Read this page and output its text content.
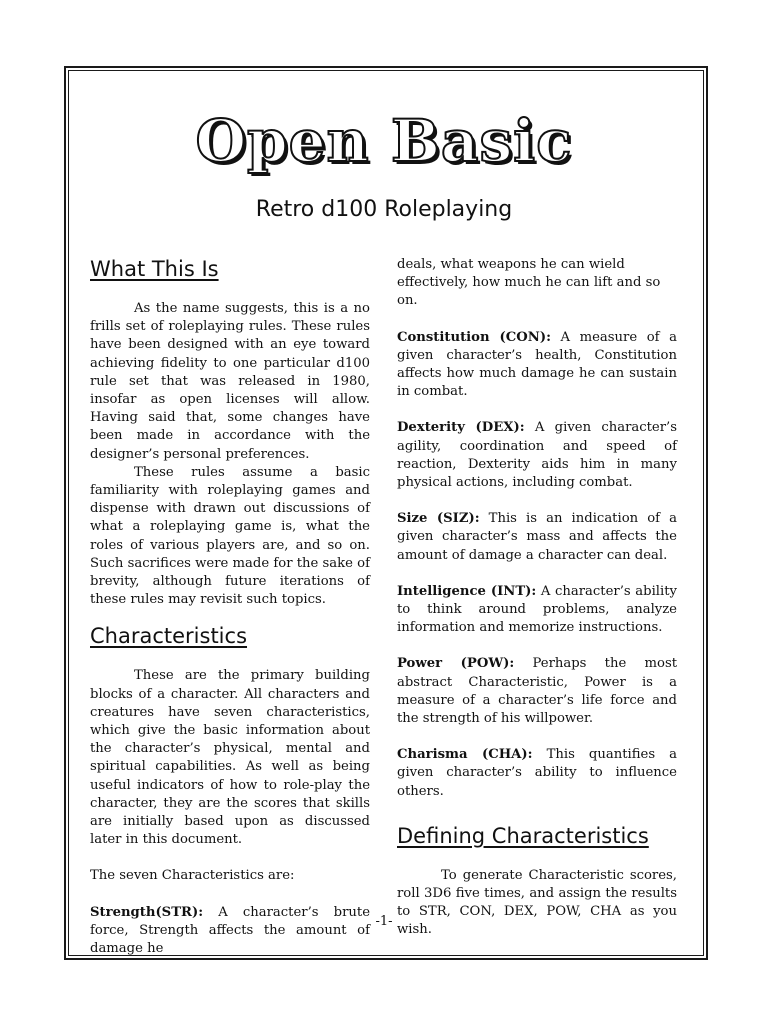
Open Basic
Retro d100 Roleplaying
What This Is

As the name suggests, this is a no frills set of roleplaying rules. These rules have been designed with an eye toward achieving fidelity to one particular d100 rule set that was released in 1980, insofar as open licenses will allow. Having said that, some changes have been made in accordance with the designer’s personal preferences.

These rules assume a basic familiarity with roleplaying games and dispense with drawn out discussions of what a roleplaying game is, what the roles of various players are, and so on. Such sacrifices were made for the sake of brevity, although future iterations of these rules may revisit such topics.

Characteristics

These are the primary building blocks of a character. All characters and creatures have seven characteristics, which give the basic information about the character’s physical, mental and spiritual capabilities. As well as being useful indicators of how to role-play the character, they are the scores that skills are initially based upon as discussed later in this document.

The seven Characteristics are:

Strength(STR): A character’s brute force, Strength affects the amount of damage he

deals, what weapons he can wield effectively, how much he can lift and so on.

Constitution (CON): A measure of a given character’s health, Constitution affects how much damage he can sustain in combat.

Dexterity (DEX): A given character’s agility, coordination and speed of reaction, Dexterity aids him in many physical actions, including combat.

Size (SIZ): This is an indication of a given character’s mass and affects the amount of damage a character can deal.

Intelligence (INT): A character’s ability to think around problems, analyze information and memorize instructions.

Power (POW): Perhaps the most abstract Characteristic, Power is a measure of a character’s life force and the strength of his willpower.

Charisma (CHA): This quantifies a given character’s ability to influence others.

Defining Characteristics

To generate Characteristic scores, roll 3D6 five times, and assign the results to STR, CON, DEX, POW, CHA as you wish.

-1-
